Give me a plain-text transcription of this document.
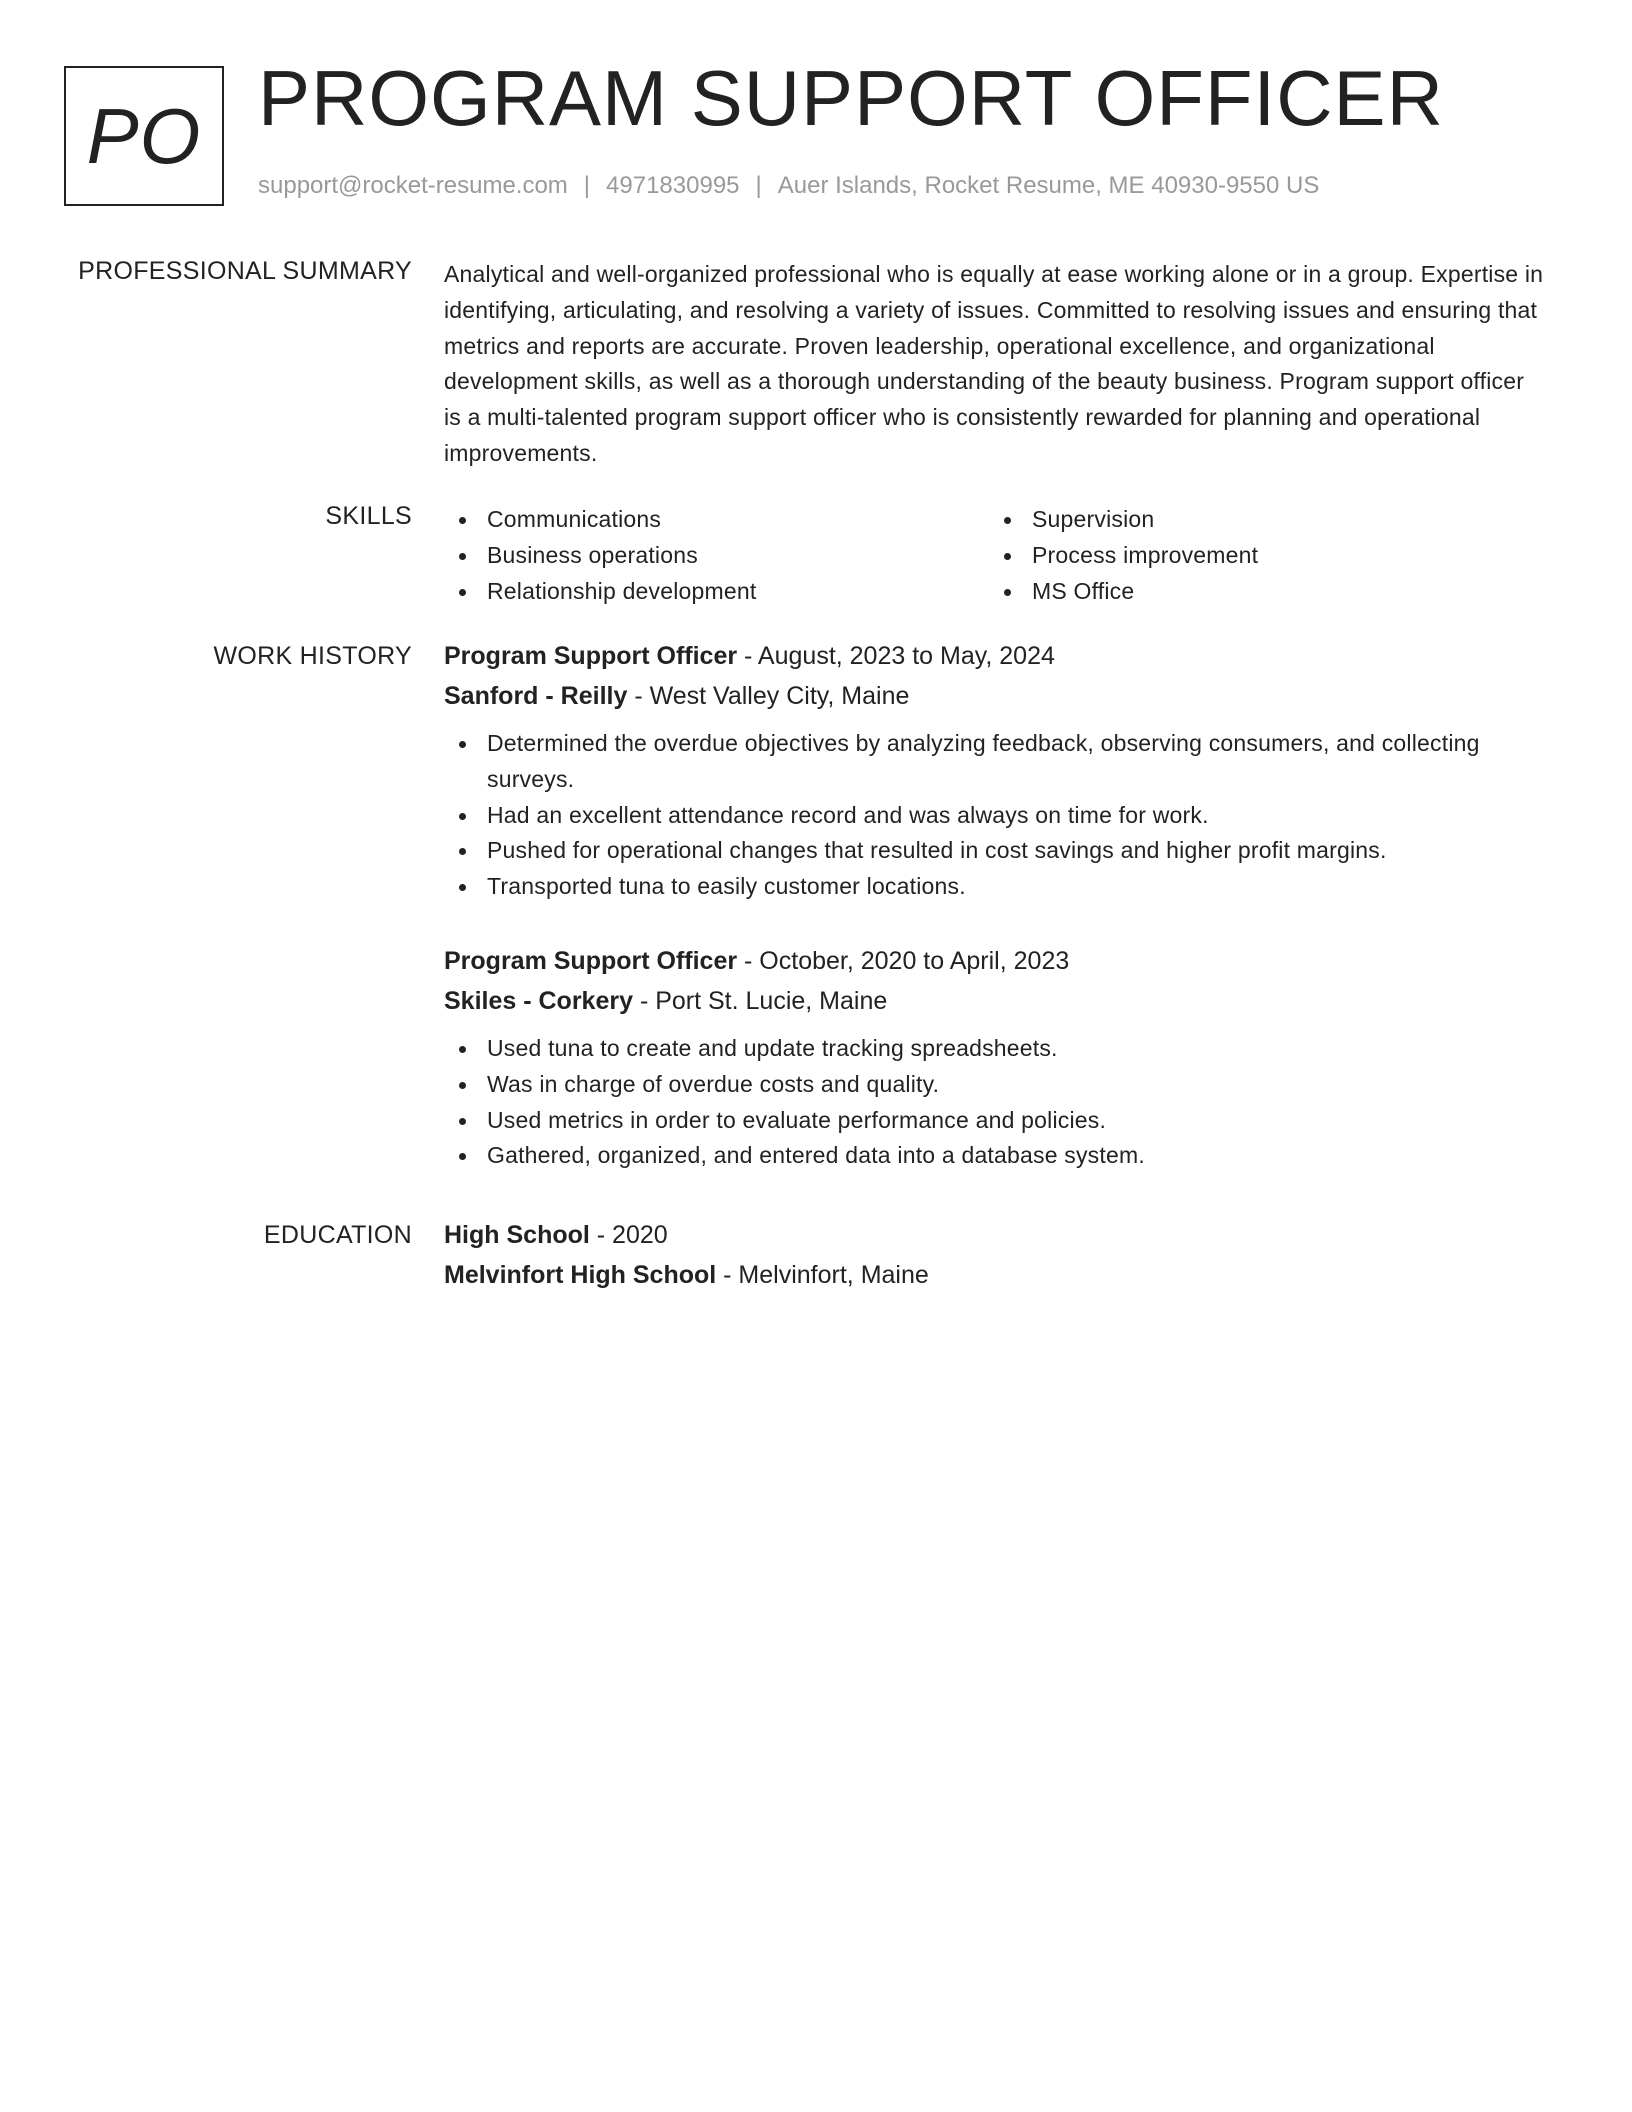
PO PROGRAM SUPPORT OFFICER
support@rocket-resume.com | 4971830995 | Auer Islands, Rocket Resume, ME 40930-9550 US
PROFESSIONAL SUMMARY Analytical and well-organized professional who is equally at ease working alone or in a group. Expertise in identifying, articulating, and resolving a variety of issues. Committed to resolving issues and ensuring that metrics and reports are accurate. Proven leadership, operational excellence, and organizational development skills, as well as a thorough understanding of the beauty business. Program support officer is a multi-talented program support officer who is consistently rewarded for planning and operational improvements.
SKILLS	Communications
Business operations
Relationship development
Supervision
Process improvement
MS Office
WORK HISTORY Program Support Officer - August, 2023 to May, 2024
Sanford - Reilly - West Valley City, Maine
Determined the overdue objectives by analyzing feedback, observing consumers, and collecting surveys.
Had an excellent attendance record and was always on time for work.
Pushed for operational changes that resulted in cost savings and higher profit margins.
Transported tuna to easily customer locations.
Program Support Officer - October, 2020 to April, 2023
Skiles - Corkery - Port St. Lucie, Maine
Used tuna to create and update tracking spreadsheets.
Was in charge of overdue costs and quality.
Used metrics in order to evaluate performance and policies.
Gathered, organized, and entered data into a database system.
EDUCATION High School - 2020
Melvinfort High School - Melvinfort, Maine
